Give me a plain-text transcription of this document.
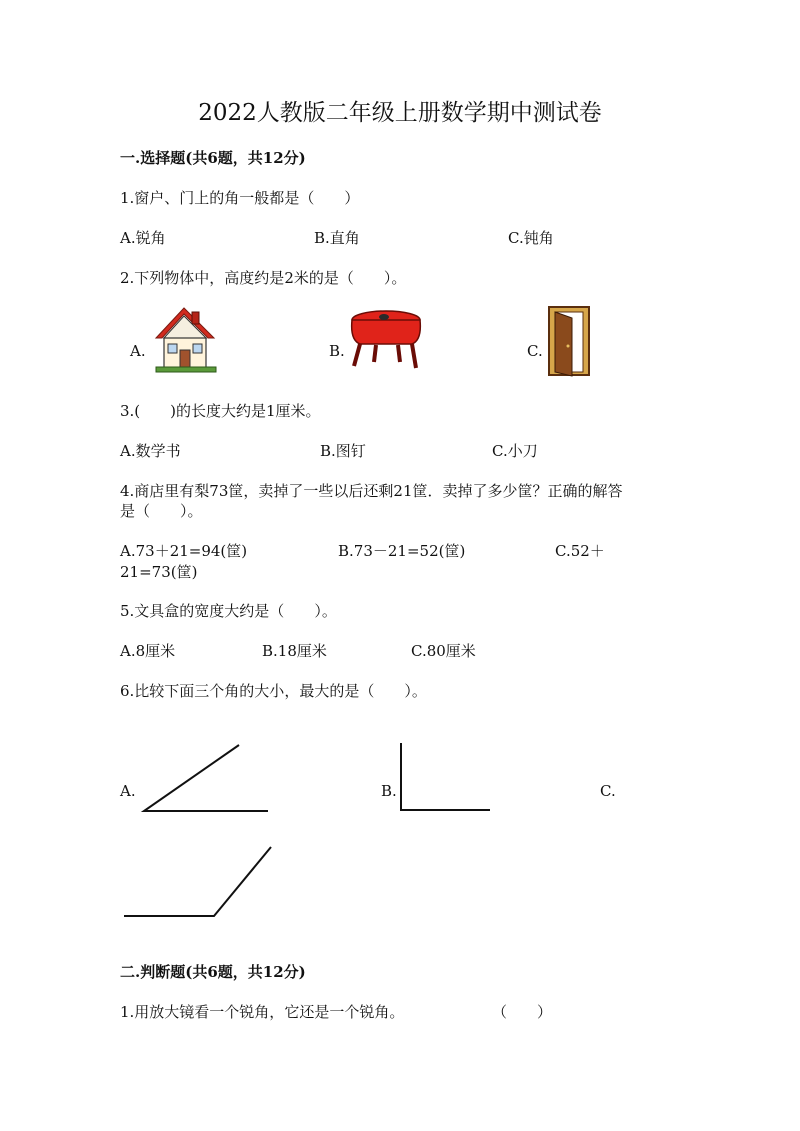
2022人教版二年级上册数学期中测试卷
一.选择题(共6题，共12分)
1.窗户、门上的角一般都是（　　）
A.锐角	B.直角	C.钝角
2.下列物体中，高度约是2米的是（　　）。
A.	B.	C.
3.(　　)的长度大约是1厘米。
A.数学书	B.图钉	C.小刀
4.商店里有梨73筐，卖掉了一些以后还剩21筐．卖掉了多少筐？正确的解答
是（　　）。
A.73＋21=94(筐)	B.73－21=52(筐)	C.52＋
21=73(筐)
5.文具盒的宽度大约是（　　）。
A.8厘米	B.18厘米	C.80厘米
6.比较下面三个角的大小，最大的是（　　）。
A.	B.	C.
二.判断题(共6题，共12分)
1.用放大镜看一个锐角，它还是一个锐角。	（　　）
